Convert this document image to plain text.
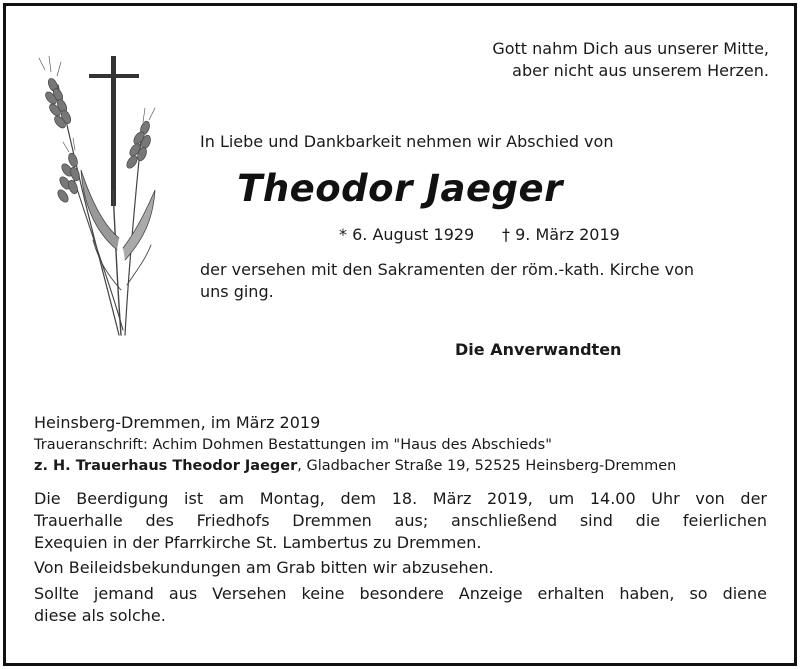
Gott nahm Dich aus unserer Mitte,
aber nicht aus unserem Herzen.
In Liebe und Dankbarkeit nehmen wir Abschied von
Theodor Jaeger
* 6. August 1929 † 9. März 2019
der versehen mit den Sakramenten der röm.-kath. Kirche von
uns ging.
Die Anverwandten
Heinsberg-Dremmen, im März 2019
Traueranschrift: Achim Dohmen Bestattungen im "Haus des Abschieds"
z. H. Trauerhaus Theodor Jaeger, Gladbacher Straße 19, 52525 Heinsberg-Dremmen
Die Beerdigung ist am Montag, dem 18. März 2019, um 14.00 Uhr von der
Trauerhalle des Friedhofs Dremmen aus; anschließend sind die feierlichen
Exequien in der Pfarrkirche St. Lambertus zu Dremmen.
Von Beileidsbekundungen am Grab bitten wir abzusehen.
Sollte jemand aus Versehen keine besondere Anzeige erhalten haben, so diene
diese als solche.
